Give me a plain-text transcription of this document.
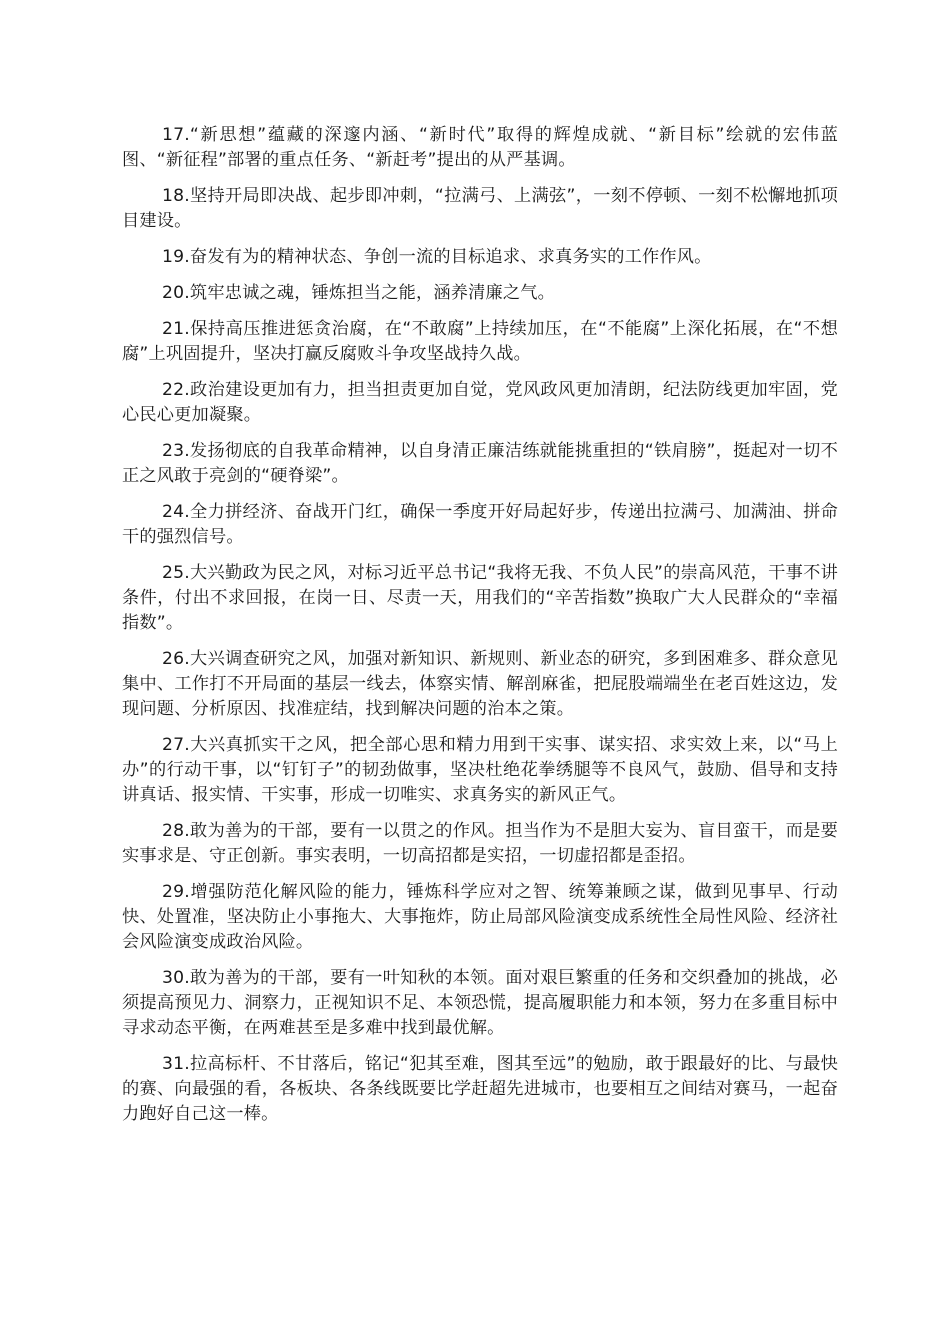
17.“新思想”蕴藏的深邃内涵、“新时代”取得的辉煌成就、“新目标”绘就的宏伟蓝图、“新征程”部署的重点任务、“新赶考”提出的从严基调。

18.坚持开局即决战、起步即冲刺，“拉满弓、上满弦”，一刻不停顿、一刻不松懈地抓项目建设。

19.奋发有为的精神状态、争创一流的目标追求、求真务实的工作作风。

20.筑牢忠诚之魂，锤炼担当之能，涵养清廉之气。

21.保持高压推进惩贪治腐，在“不敢腐”上持续加压，在“不能腐”上深化拓展，在“不想腐”上巩固提升，坚决打赢反腐败斗争攻坚战持久战。

22.政治建设更加有力，担当担责更加自觉，党风政风更加清朗，纪法防线更加牢固，党心民心更加凝聚。

23.发扬彻底的自我革命精神，以自身清正廉洁练就能挑重担的“铁肩膀”，挺起对一切不正之风敢于亮剑的“硬脊梁”。

24.全力拼经济、奋战开门红，确保一季度开好局起好步，传递出拉满弓、加满油、拼命干的强烈信号。

25.大兴勤政为民之风，对标习近平总书记“我将无我、不负人民”的崇高风范，干事不讲条件，付出不求回报，在岗一日、尽责一天，用我们的“辛苦指数”换取广大人民群众的“幸福指数”。

26.大兴调查研究之风，加强对新知识、新规则、新业态的研究，多到困难多、群众意见集中、工作打不开局面的基层一线去，体察实情、解剖麻雀，把屁股端端坐在老百姓这边，发现问题、分析原因、找准症结，找到解决问题的治本之策。

27.大兴真抓实干之风，把全部心思和精力用到干实事、谋实招、求实效上来，以“马上办”的行动干事，以“钉钉子”的韧劲做事，坚决杜绝花拳绣腿等不良风气，鼓励、倡导和支持讲真话、报实情、干实事，形成一切唯实、求真务实的新风正气。

28.敢为善为的干部，要有一以贯之的作风。担当作为不是胆大妄为、盲目蛮干，而是要实事求是、守正创新。事实表明，一切高招都是实招，一切虚招都是歪招。

29.增强防范化解风险的能力，锤炼科学应对之智、统筹兼顾之谋，做到见事早、行动快、处置准，坚决防止小事拖大、大事拖炸，防止局部风险演变成系统性全局性风险、经济社会风险演变成政治风险。

30.敢为善为的干部，要有一叶知秋的本领。面对艰巨繁重的任务和交织叠加的挑战，必须提高预见力、洞察力，正视知识不足、本领恐慌，提高履职能力和本领，努力在多重目标中寻求动态平衡，在两难甚至是多难中找到最优解。

31.拉高标杆、不甘落后，铭记“犯其至难，图其至远”的勉励，敢于跟最好的比、与最快的赛、向最强的看，各板块、各条线既要比学赶超先进城市，也要相互之间结对赛马，一起奋力跑好自己这一棒。
